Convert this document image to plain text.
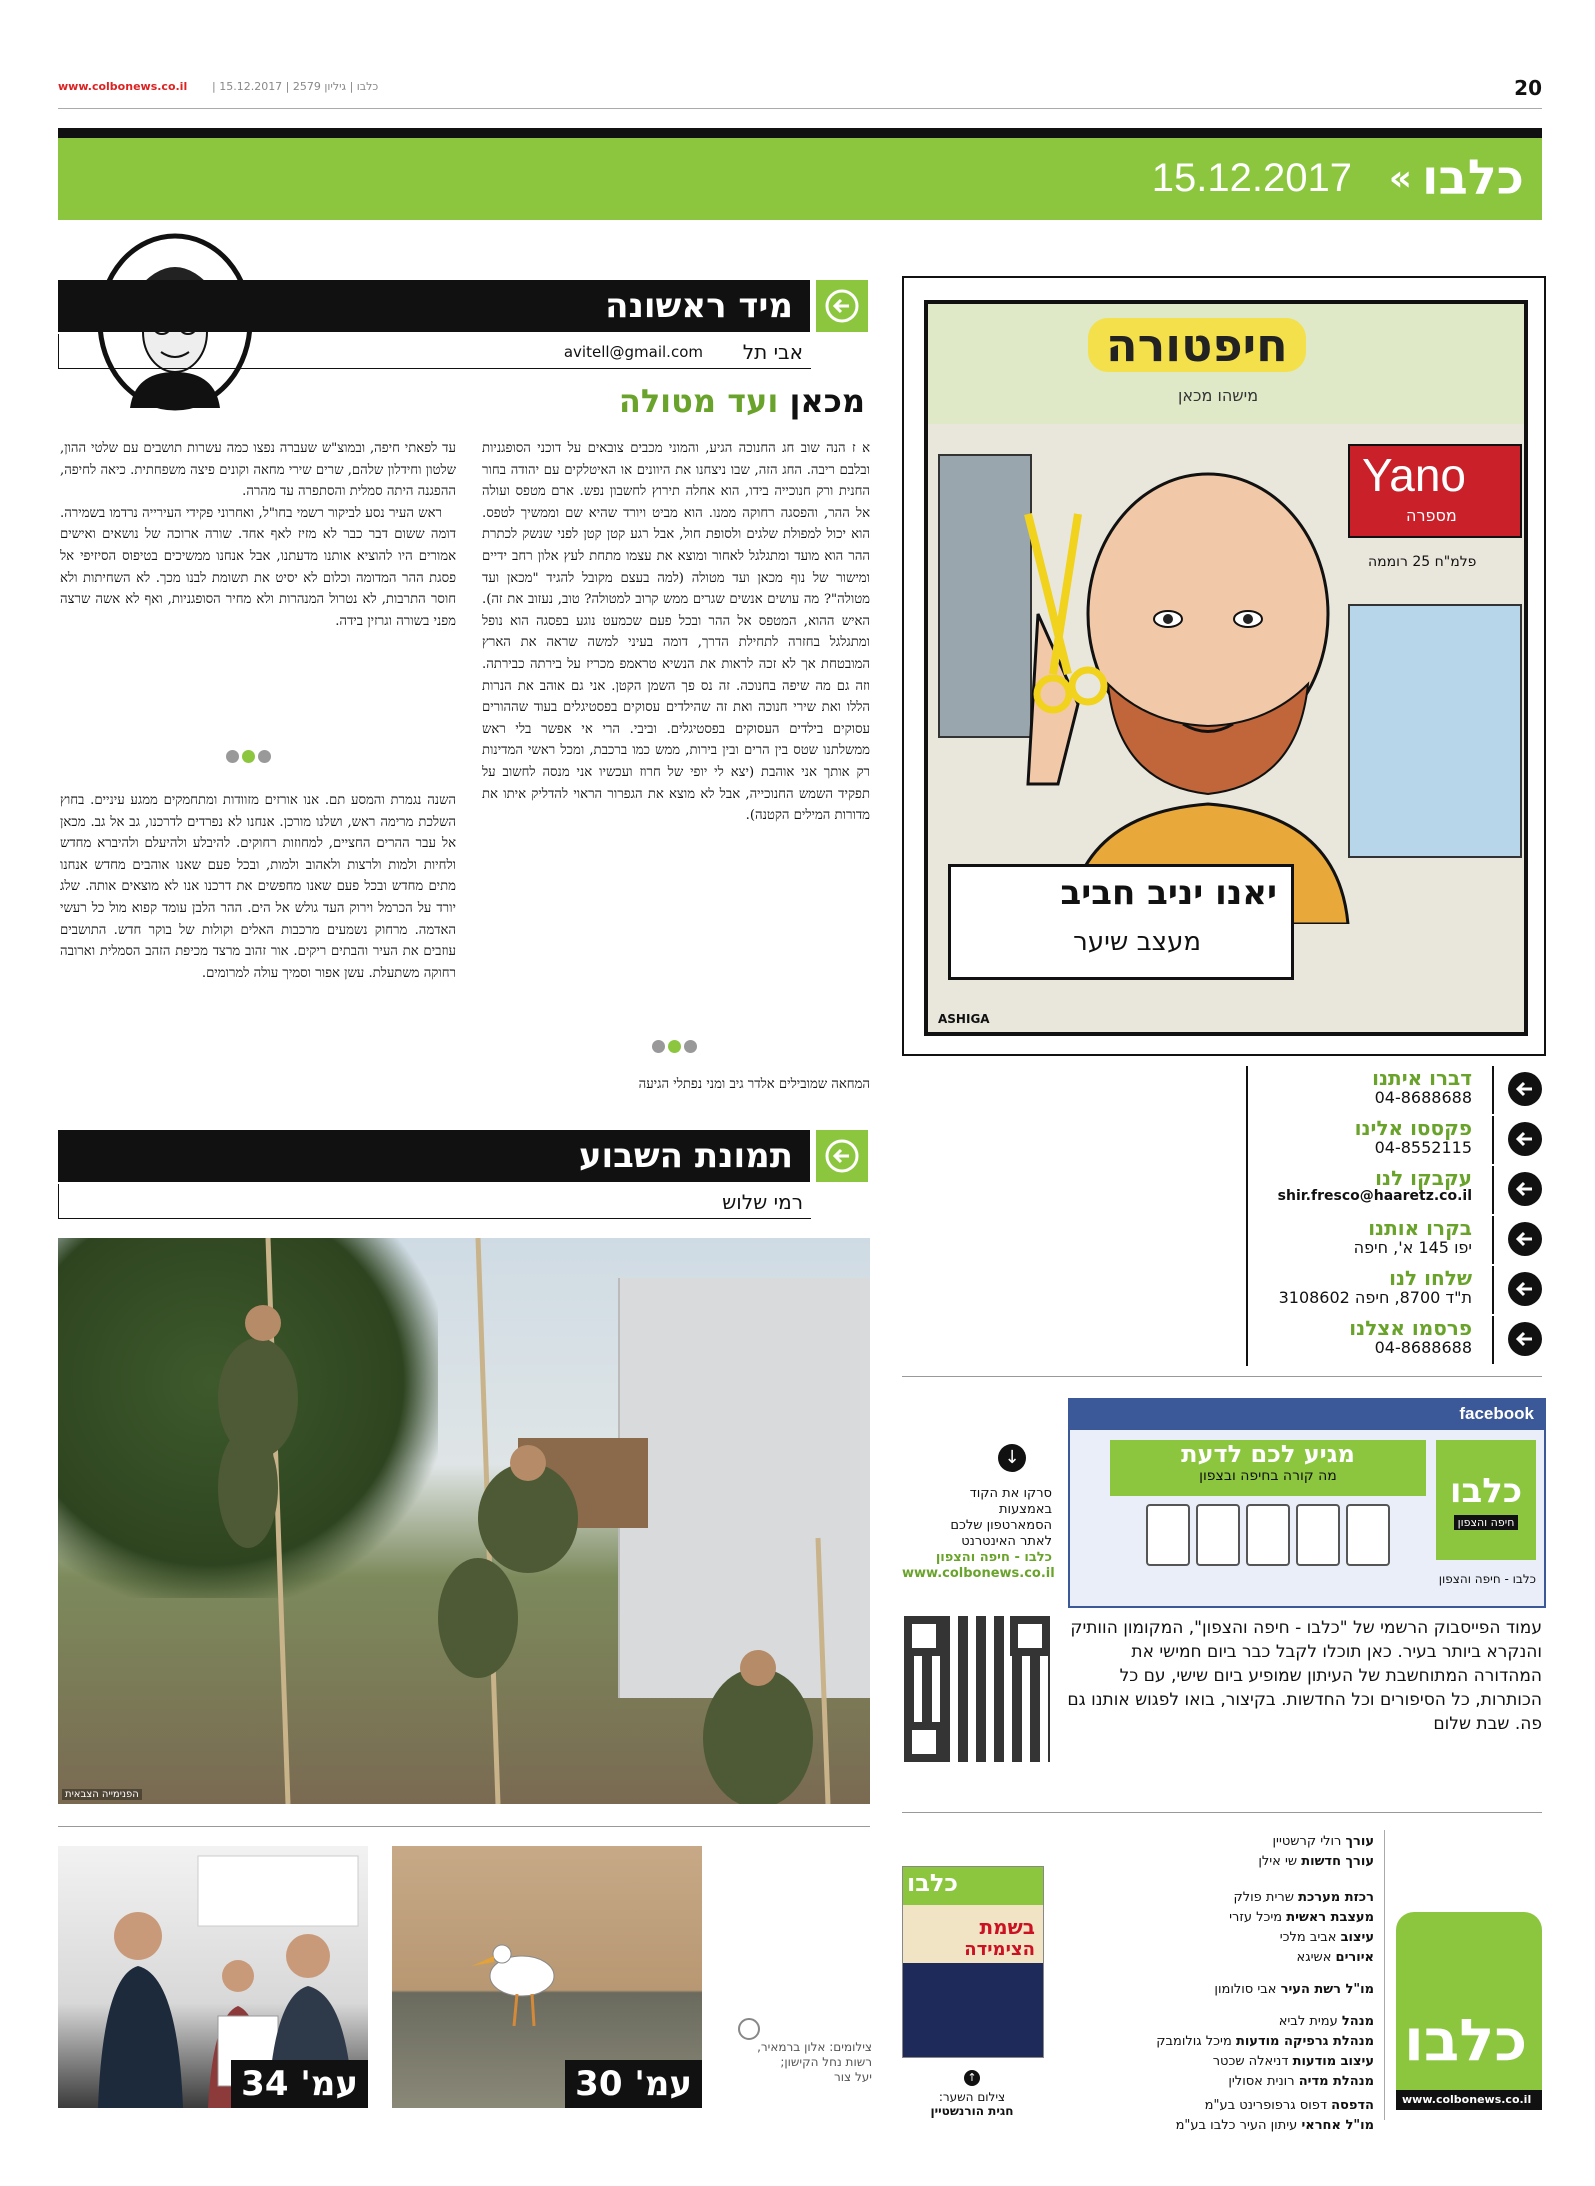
www.colbonews.co.il | כלבו | גיליון 2579 | 15.12.2017	20
15.12.2017 « כלבו
מיד ראשונה
אבי תל
avitell@gmail.com
מכאן ועד מטולה

א ז הנה שוב חג החנוכה הגיע, והמוני מכבים צובאים על דוכני הסופגניות ובלבם ריבה. החג הזה, שבו ניצחנו את היוונים או האיטלקים עם יהודה בחור החנית ורק חנוכייה בידו, הוא אחלה תירוץ לחשבון נפש. ארם מטפס ועולה אל ההר, והפסגה רחוקה ממנו. הוא מביט ויורד שהיא שם וממשיך לטפס. הוא יכול למפולת שלגים ולסופת חול, אבל רגע קטן קטן לפני שנשק לכתרת ההר הוא מועד ומתגלגל לאחור ומוצא את עצמו מתחת לעץ אלון רחב ידיים ומישור של נוף מכאן ועד מטולה (למה בעצם מקובל להגיד "מכאן ועד מטולה"? מה עושים אנשים שגרים ממש קרוב למטולה? טוב, נעזוב את זה). האיש ההוא, המטפס אל ההר ובכל פעם שכמעט נוגע בפסגה הוא נופל ומתגלגל בחזרה לתחילת הדרך, דומה בעיני למשה שראה את הארץ המובטחת אך לא זכה לראות את הנשיא טראמפ מכריז על בירתה כבירתה. וזה גם מה שיפה בחנוכה. זה נס פך השמן הקטן. אני גם אוהב את הנרות הללו ואת שירי חנוכה ואת זה שהילדים עסוקים בפסטיגלים בעוד שההורים עסוקים בילדים העסוקים בפסטיגלים. וביבי. הרי אי אפשר בלי ראש ממשלתנו שטס בין הרים ובין בירות, ממש כמו ברכבת, ומכל ראשי המדינות רק אותך אני אוהבת (יצא לי יופי של חרוז ועכשיו אני מנסה לחשוב על תפקיד השמש החנוכייה, אבל לא מוצא את הגפרור הראוי להדליק איתו את מדורות המילים הקטנה).

המחאה שמובילים אלדר גיב ומני נפתלי הגיעה

עד לפאתי חיפה, ובמוצ"ש שעברה נפצו כמה עשרות תושבים עם שלטי ההון, שלטון וחידלון שלהם, שרים שירי מחאה וקונים פיצה משפחתית. כיאה לחיפה, ההפגנה היתה סמלית והסתפרה עד מהרה.

ראש העיר נסע לביקור רשמי בחו"ל, ואחרוני פקידי העירייה נרדמו בשמירה. דומה ששום דבר כבר לא מזיז לאף אחד. שורה ארוכה של נושאים ואישים אמורים היו להוציא אותנו מדעתנו, אבל אנחנו ממשיכים בטיפוס הסיזיפי אל פסגת ההר המדומה וכלום לא יסיט את תשומת לבנו מכך. לא השחיתות ולא חוסר התרבות, לא נטרול המנהרות ולא מחיר הסופגניות, ואף לא אשה שרצה מפני בשורה וגרזין בידה.

השנה נגמרת והמסע תם. אנו אורזים מזוודות ומתחמקים ממגע עיניים. בחוץ השלכת מרימה ראש, ושלנו מורכן. אנחנו לא נפרדים לדרכנו, גב אל גב. מכאן אל עבר ההרים החציים, למחוזות רחוקים. להיבלע ולהיעלם ולהיברא מחדש ולחיות ולמות ולרצות ולאהוב ולמות, ובכל פעם שאנו אוהבים מחדש אנחנו מתים מחדש ובכל פעם שאנו מחפשים את דרכנו אנו לא מוצאים אותה. שלג יורד על הכרמל וירוק העד גולש אל הים. ההר הלבן עומד קפוא מול כל רעשי האדמה. מרחוק נשמעים מרכבות האלים וקולות של בוקר חדש. התושבים עוזבים את העיר והבתים ריקים. אור זהוב מרצד מכיפת הזהב הסמלית וארובה רחוקה משתעלת. עשן אפור וסמיך עולה למרומים.

חיפטורה
מישהו מכאן
Yano
מספרה
פלמ"ח 25 רוממה
יאנו יניב חביב
מעצב שיער
ASHIGA
דברו איתנו
04-8688688
פקססו אלינו
04-8552115
עקבקו לנו
shir.fresco@haaretz.co.il
בקרו אותנו
יפו 145 א', חיפה
שלחו לנו
ת"ד 8700, חיפה 3108602
פרסמו אצלנו
04-8688688
facebook
כלבו
חיפה והצפון
מגיע לכם לדעת
מה קורה בחיפה ובצפון
כלבו - חיפה והצפון
עמוד הפייסבוק הרשמי של "כלבו - חיפה והצפון", המקומון הוותיק והנקרא ביותר בעיר. כאן תוכלו לקבל כבר ביום חמישי את המהדורה המתוחשבת של העיתון שמופיע ביום שישי, עם כל הכותרות, כל הסיפורים וכל החדשות. בקיצור, בואו לפגוש אותנו גם פה. שבת שלום
↓
סרקו את הקוד
באמצעות
הסמארטפון שלכם
לאתר האינטרנט
כלבו - חיפה והצפון
www.colbonews.co.il
תמונת השבוע
רמי שלוש
הפנימייה הצבאית
עמ' 34	עמ' 30
צילומים: אלון ברמאיר,
רשות נחל הקישון;
יעל צור
כלבו
בשמת
הצימידה
↑
צילום השער:
חגית הורנשטיין
עורך רולי קרשטיין
עורך חדשות שי אילן
רכזת מערכת שרית פולק
מעצבת ראשית מיכל עזרי
עיצוב אביב מלכי
איורים אשיגא
מו"ל רשת העיר אבי סולומון
מנהל עמית לביא
מנהלת גרפיקה מודעות מיכל גולומבק
עיצוב מודעות דניאלה שכטר
מנהלת מדיה רונית אסולין
הדפסה דפוס גרפופרינט בע"מ
מו"ל אחראי עיתון העיר כלבו בע"מ
כלבו
www.colbonews.co.il
